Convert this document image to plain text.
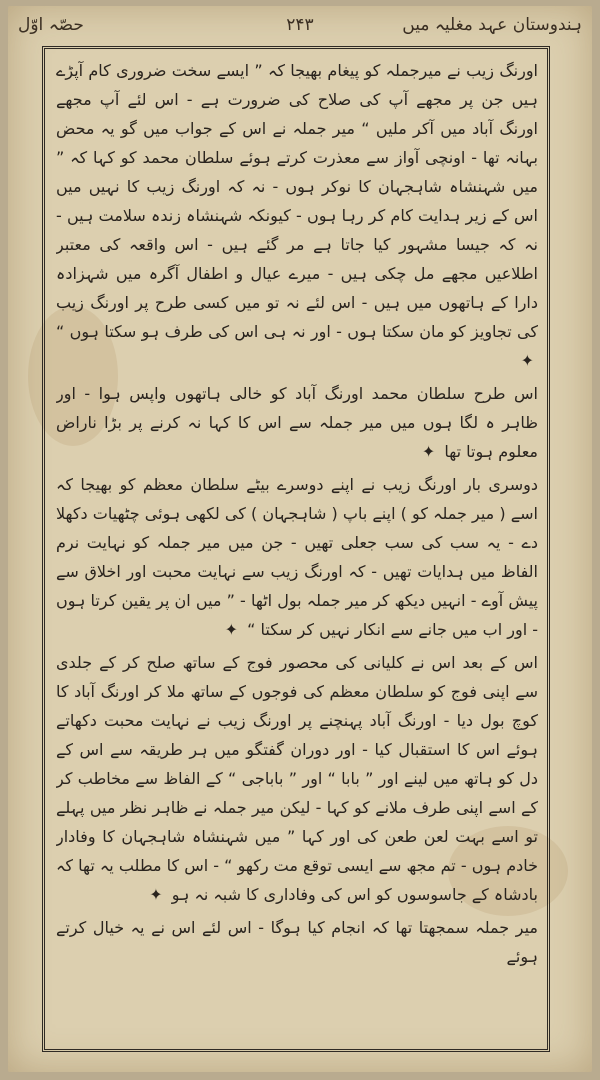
ہندوستان عہد مغلیہ میں
۲۴۳
حصّہ اوّل

اورنگ زیب نے میرجملہ کو پیغام بھیجا کہ ” ایسے سخت ضروری کام آپڑے ہیں جن پر مجھے آپ کی صلاح کی ضرورت ہے - اس لئے آپ مجھے اورنگ آباد میں آکر ملیں “ میر جملہ نے اس کے جواب میں گو یہ محض بہانہ تھا - اونچی آواز سے معذرت کرتے ہوئے سلطان محمد کو کہا کہ ” میں شہنشاہ شاہجہان کا نوکر ہوں - نہ کہ اورنگ زیب کا نہیں میں اس کے زیر ہدایت کام کر رہا ہوں - کیونکہ شہنشاہ زندہ سلامت ہیں - نہ کہ جیسا مشہور کیا جاتا ہے مر گئے ہیں - اس واقعہ کی معتبر اطلاعیں مجھے مل چکی ہیں - میرے عیال و اطفال آگرہ میں شہزادہ دارا کے ہاتھوں میں ہیں - اس لئے نہ تو میں کسی طرح پر اورنگ زیب کی تجاویز کو مان سکتا ہوں - اور نہ ہی اس کی طرف ہو سکتا ہوں “ ✦

اس طرح سلطان محمد اورنگ آباد کو خالی ہاتھوں واپس ہوا - اور ظاہر ہ لگا ہوں میں میر جملہ سے اس کا کہا نہ کرنے پر بڑا ناراض معلوم ہوتا تھا ✦

دوسری بار اورنگ زیب نے اپنے دوسرے بیٹے سلطان معظم کو بھیجا کہ اسے ( میر جملہ کو ) اپنے باپ ( شاہجہان ) کی لکھی ہوئی چٹھیات دکھلا دے - یہ سب کی سب جعلی تھیں - جن میں میر جملہ کو نہایت نرم الفاظ میں ہدایات تھیں - کہ اورنگ زیب سے نہایت محبت اور اخلاق سے پیش آوے - انہیں دیکھ کر میر جملہ بول اٹھا - ” میں ان پر یقین کرتا ہوں - اور اب میں جانے سے انکار نہیں کر سکتا “ ✦

اس کے بعد اس نے کلیانی کی محصور فوج کے ساتھ صلح کر کے جلدی سے اپنی فوج کو سلطان معظم کی فوجوں کے ساتھ ملا کر اورنگ آباد کا کوچ بول دیا - اورنگ آباد پہنچنے پر اورنگ زیب نے نہایت محبت دکھاتے ہوئے اس کا استقبال کیا - اور دوران گفتگو میں ہر طریقہ سے اس کے دل کو ہاتھ میں لینے اور ” بابا “ اور ” باباجی “ کے الفاظ سے مخاطب کر کے اسے اپنی طرف ملانے کو کہا - لیکن میر جملہ نے ظاہر نظر میں پہلے تو اسے بہت لعن طعن کی اور کہا ” میں شہنشاہ شاہجہان کا وفادار خادم ہوں - تم مجھ سے ایسی توقع مت رکھو “ - اس کا مطلب یہ تھا کہ بادشاہ کے جاسوسوں کو اس کی وفاداری کا شبہ نہ ہو ✦

میر جملہ سمجھتا تھا کہ انجام کیا ہوگا - اس لئے اس نے یہ خیال کرتے ہوئے
